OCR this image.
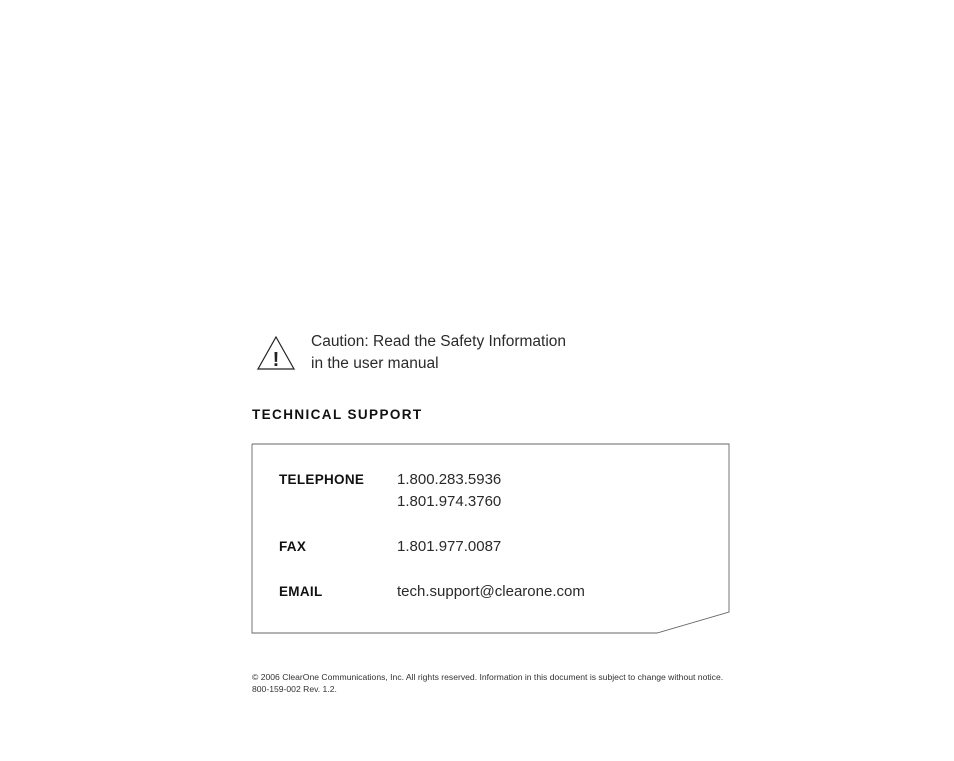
!
Caution: Read the Safety Information
in the user manual
TECHNICAL SUPPORT
TELEPHONE 1.800.283.5936
1.801.974.3760
FAX	1.801.977.0087
EMAIL	tech.support@clearone.com
© 2006 ClearOne Communications, Inc. All rights reserved. Information in this document is subject to change without notice. 800-159-002 Rev. 1.2.
